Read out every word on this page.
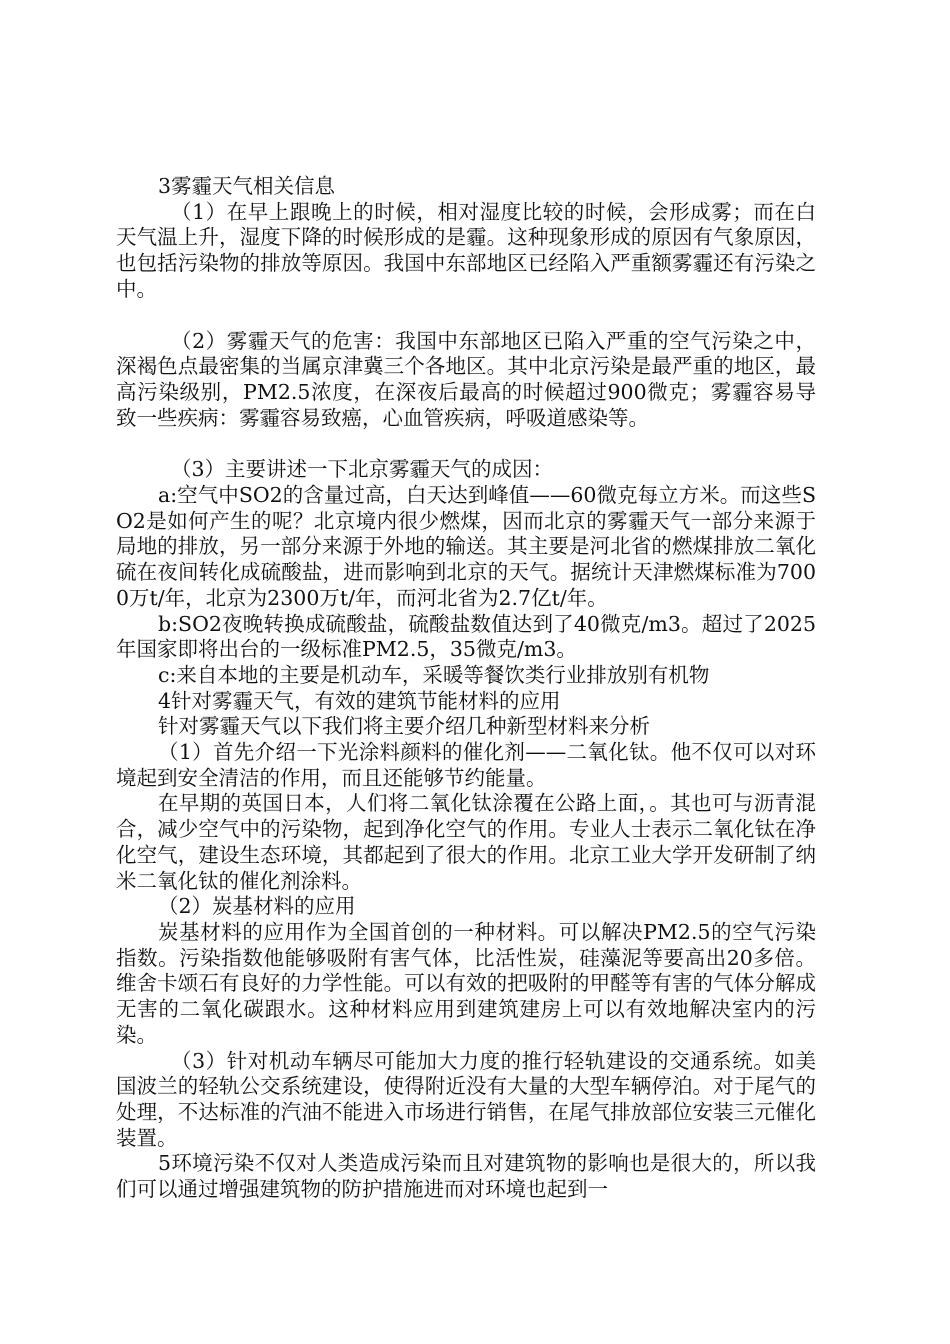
3雾霾天气相关信息

（1）在早上跟晚上的时候，相对湿度比较的时候，会形成雾；而在白天气温上升，湿度下降的时候形成的是霾。这种现象形成的原因有气象原因，也包括污染物的排放等原因。我国中东部地区已经陷入严重额雾霾还有污染之中。

（2）雾霾天气的危害：我国中东部地区已陷入严重的空气污染之中，深褐色点最密集的当属京津冀三个各地区。其中北京污染是最严重的地区，最高污染级别，PM2.5浓度，在深夜后最高的时候超过900微克；雾霾容易导致一些疾病：雾霾容易致癌，心血管疾病，呼吸道感染等。

（3）主要讲述一下北京雾霾天气的成因：

a:空气中SO2的含量过高，白天达到峰值——60微克每立方米。而这些SO2是如何产生的呢？北京境内很少燃煤，因而北京的雾霾天气一部分来源于局地的排放，另一部分来源于外地的输送。其主要是河北省的燃煤排放二氧化硫在夜间转化成硫酸盐，进而影响到北京的天气。据统计天津燃煤标准为7000万t/年，北京为2300万t/年，而河北省为2.7亿t/年。

b:SO2夜晚转换成硫酸盐，硫酸盐数值达到了40微克/m3。超过了2025年国家即将出台的一级标准PM2.5，35微克/m3。

c:来自本地的主要是机动车，采暖等餐饮类行业排放别有机物

4针对雾霾天气，有效的建筑节能材料的应用

针对雾霾天气以下我们将主要介绍几种新型材料来分析

（1）首先介绍一下光涂料颜料的催化剂——二氧化钛。他不仅可以对环境起到安全清洁的作用，而且还能够节约能量。

在早期的英国日本，人们将二氧化钛涂覆在公路上面，。其也可与沥青混合，减少空气中的污染物，起到净化空气的作用。专业人士表示二氧化钛在净化空气，建设生态环境，其都起到了很大的作用。北京工业大学开发研制了纳米二氧化钛的催化剂涂料。

（2）炭基材料的应用

炭基材料的应用作为全国首创的一种材料。可以解决PM2.5的空气污染指数。污染指数他能够吸附有害气体，比活性炭，硅藻泥等要高出20多倍。维舍卡颂石有良好的力学性能。可以有效的把吸附的甲醛等有害的气体分解成无害的二氧化碳跟水。这种材料应用到建筑建房上可以有效地解决室内的污染。

（3）针对机动车辆尽可能加大力度的推行轻轨建设的交通系统。如美国波兰的轻轨公交系统建设，使得附近没有大量的大型车辆停泊。对于尾气的处理，不达标准的汽油不能进入市场进行销售，在尾气排放部位安装三元催化装置。

5环境污染不仅对人类造成污染而且对建筑物的影响也是很大的，所以我们可以通过增强建筑物的防护措施进而对环境也起到一
